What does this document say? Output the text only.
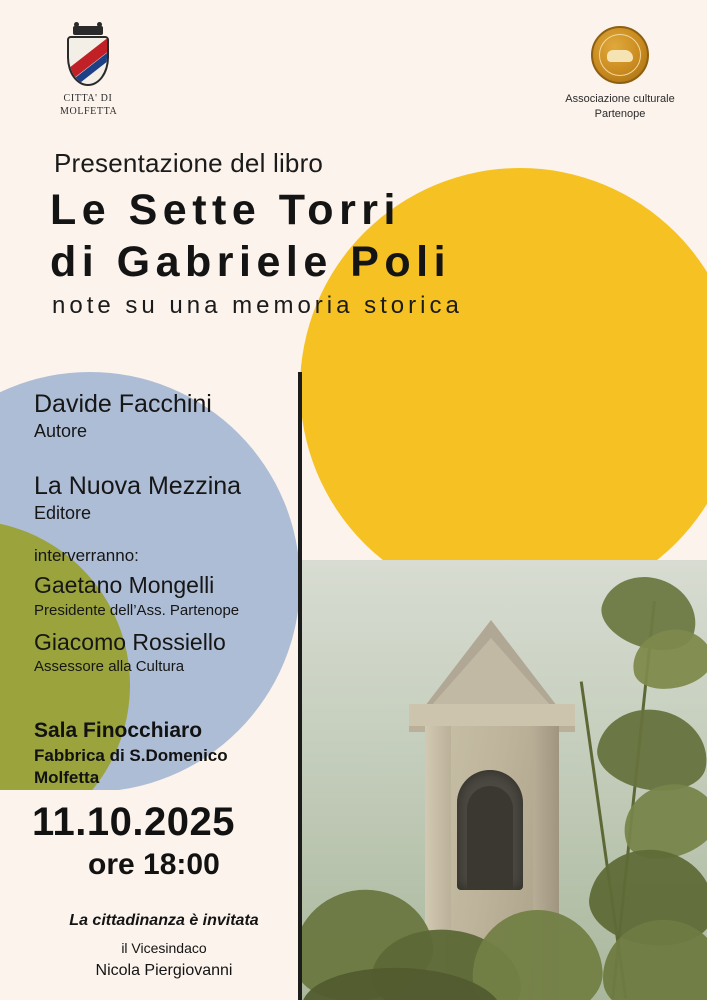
CITTA' DI
MOLFETTA
Associazione culturale
Partenope
Presentazione del libro
Le Sette Torri
di Gabriele Poli
note su una memoria storica
Davide Facchini
Autore
La Nuova Mezzina
Editore
interverranno:
Gaetano Mongelli
Presidente dell’Ass. Partenope
Giacomo Rossiello
Assessore alla Cultura
Sala Finocchiaro
Fabbrica di S.Domenico
Molfetta
11.10.2025
ore 18:00
La cittadinanza è invitata
il Vicesindaco
Nicola Piergiovanni
